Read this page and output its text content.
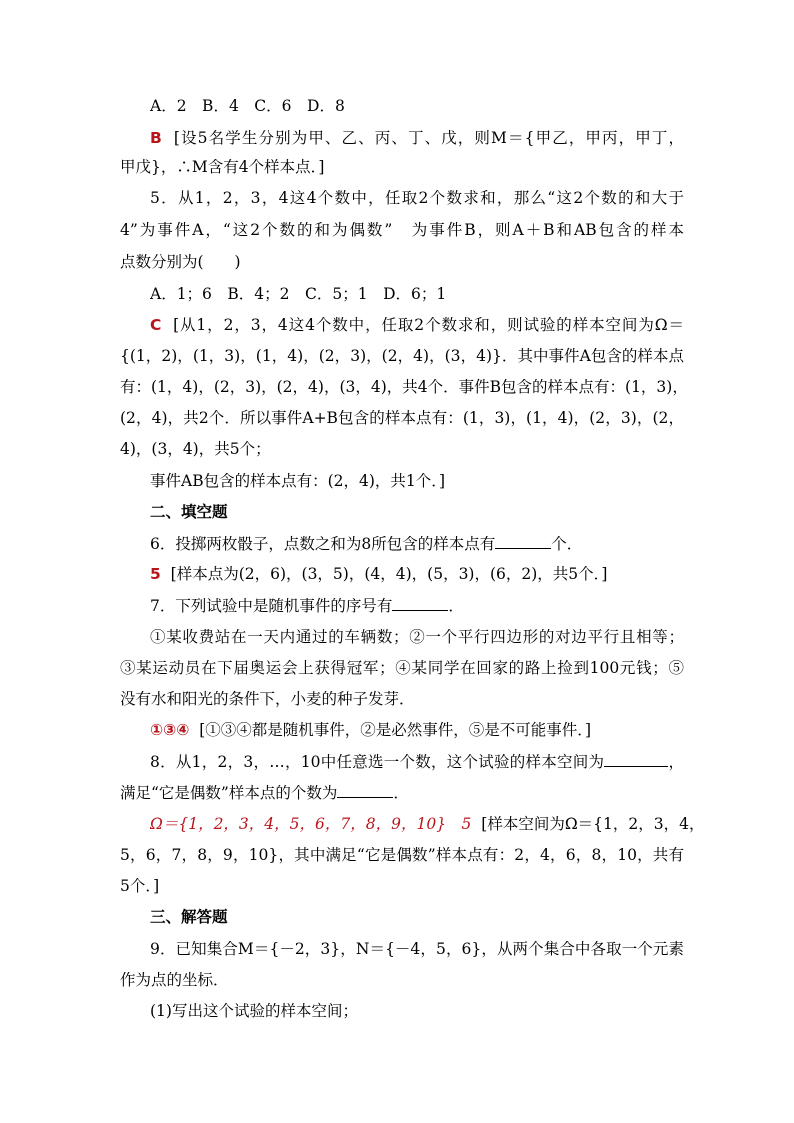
A．2　B．4　C．6　D．8
B [设5名学生分别为甲、乙、丙、丁、戊，则M＝{甲乙，甲丙，甲丁，
甲戊}，∴M含有4个样本点．]
5．从1，2，3，4这4个数中，任取2个数求和，那么“这2个数的和大于
4”为事件A，“这2个数的和为偶数”　为事件B，则A＋B和AB包含的样本
点数分别为(　　)
A．1；6　B．4；2　C．5；1　D．6；1
C [从1，2，3，4这4个数中，任取2个数求和，则试验的样本空间为Ω＝
{(1，2)，(1，3)，(1，4)，(2，3)，(2，4)，(3，4)}．其中事件A包含的样本点
有：(1，4)，(2，3)，(2，4)，(3，4)，共4个．事件B包含的样本点有：(1，3)，
(2，4)，共2个．所以事件A+B包含的样本点有：(1，3)，(1，4)，(2，3)，(2，
4)，(3，4)，共5个；
事件AB包含的样本点有：(2，4)，共1个．]
二、填空题
6．投掷两枚骰子，点数之和为8所包含的样本点有	个．
5 [样本点为(2，6)，(3，5)，(4，4)，(5，3)，(6，2)，共5个．]
7．下列试验中是随机事件的序号有	．
①某收费站在一天内通过的车辆数；②一个平行四边形的对边平行且相等；
③某运动员在下届奥运会上获得冠军；④某同学在回家的路上捡到100元钱；⑤
没有水和阳光的条件下，小麦的种子发芽．
①③④ [①③④都是随机事件，②是必然事件，⑤是不可能事件．]
8．从1，2，3，…，10中任意选一个数，这个试验的样本空间为	，
满足“它是偶数”样本点的个数为	．
Ω＝{1，2，3，4，5，6，7，8，9，10}　5 [样本空间为Ω＝{1，2，3，4，
5，6，7，8，9，10}，其中满足“它是偶数”样本点有：2，4，6，8，10，共有
5个．]
三、解答题
9．已知集合M＝{－2，3}，N＝{－4，5，6}，从两个集合中各取一个元素
作为点的坐标．
(1)写出这个试验的样本空间；
